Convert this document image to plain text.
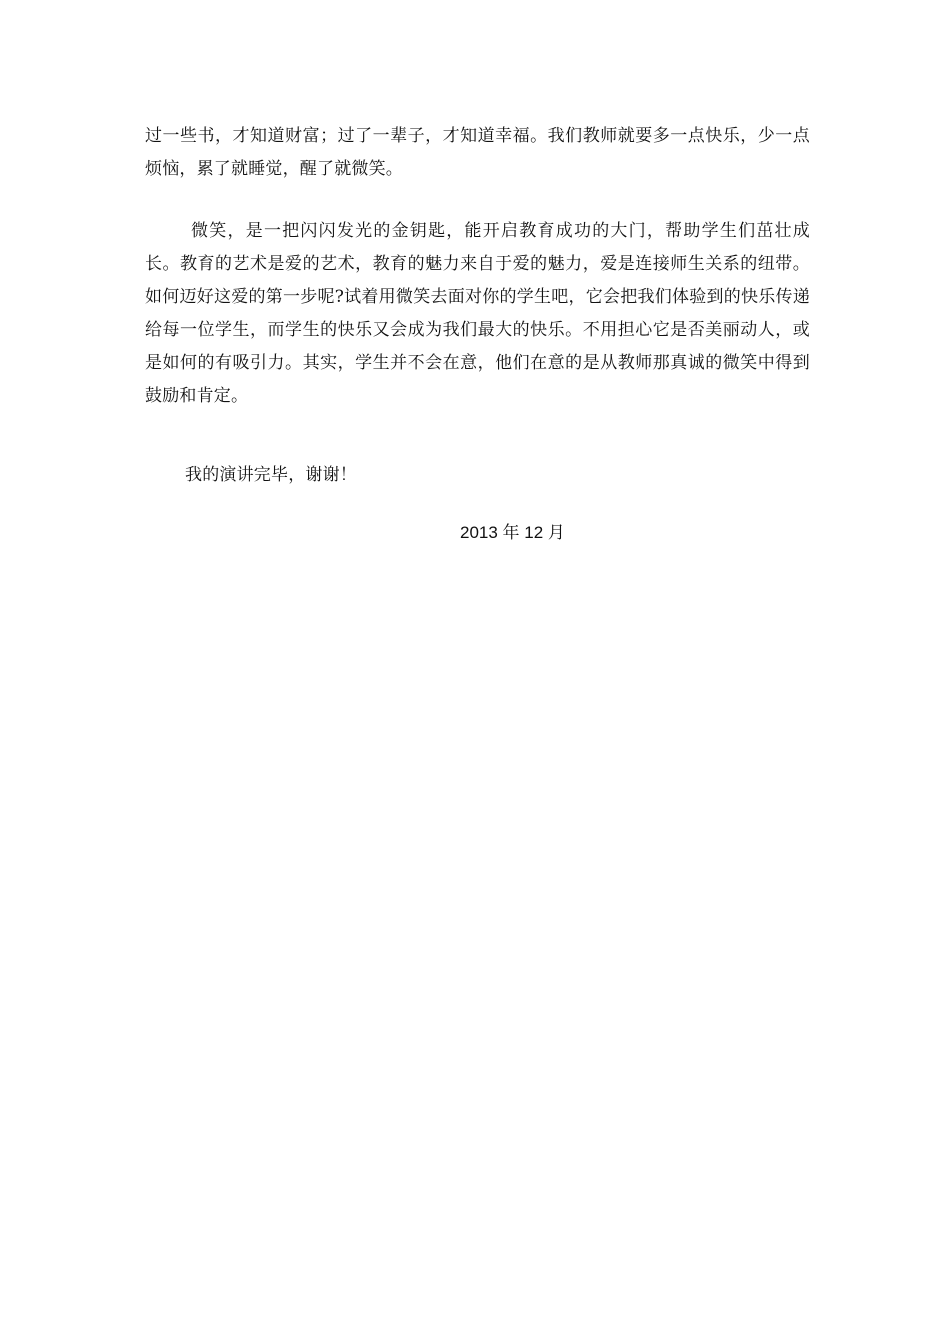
过一些书，才知道财富；过了一辈子，才知道幸福。我们教师就要多一点快乐，少一点烦恼，累了就睡觉，醒了就微笑。
微笑，是一把闪闪发光的金钥匙，能开启教育成功的大门，帮助学生们茁壮成长。教育的艺术是爱的艺术，教育的魅力来自于爱的魅力，爱是连接师生关系的纽带。如何迈好这爱的第一步呢?试着用微笑去面对你的学生吧，它会把我们体验到的快乐传递给每一位学生，而学生的快乐又会成为我们最大的快乐。不用担心它是否美丽动人，或是如何的有吸引力。其实，学生并不会在意，他们在意的是从教师那真诚的微笑中得到鼓励和肯定。
我的演讲完毕，谢谢！
2013 年 12 月
